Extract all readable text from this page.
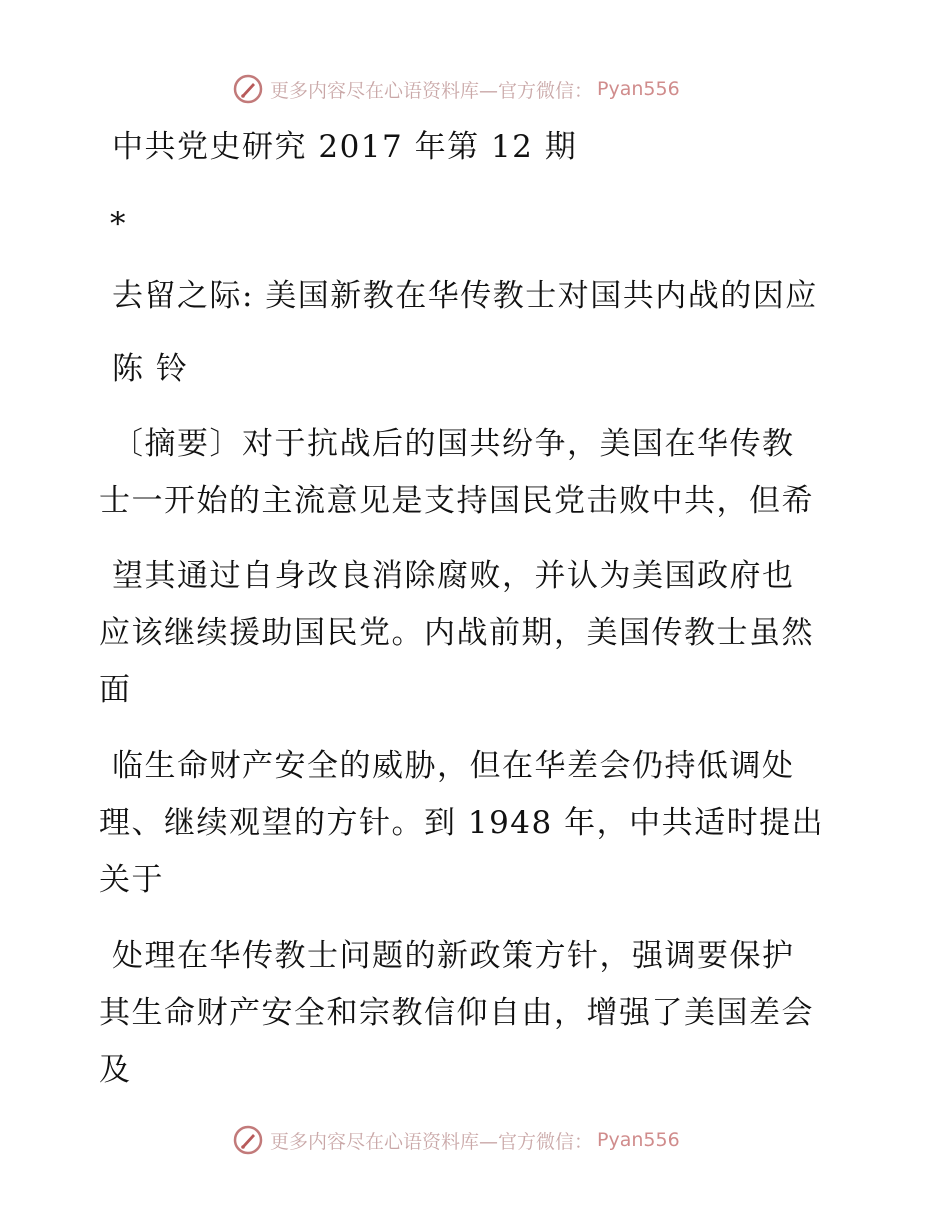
更多内容尽在心语资料库—官方微信： Pyan556
中共党史研究 2017 年第 12 期
*
去留之际: 美国新教在华传教士对国共内战的因应
陈 铃
〔摘要〕对于抗战后的国共纷争，美国在华传教
士一开始的主流意见是支持国民党击败中共，但希
望其通过自身改良消除腐败，并认为美国政府也
应该继续援助国民党。内战前期，美国传教士虽然
面
临生命财产安全的威胁，但在华差会仍持低调处
理、继续观望的方针。到 1948 年，中共适时提出
关于
处理在华传教士问题的新政策方针，强调要保护
其生命财产安全和宗教信仰自由，增强了美国差会
及
更多内容尽在心语资料库—官方微信： Pyan556
